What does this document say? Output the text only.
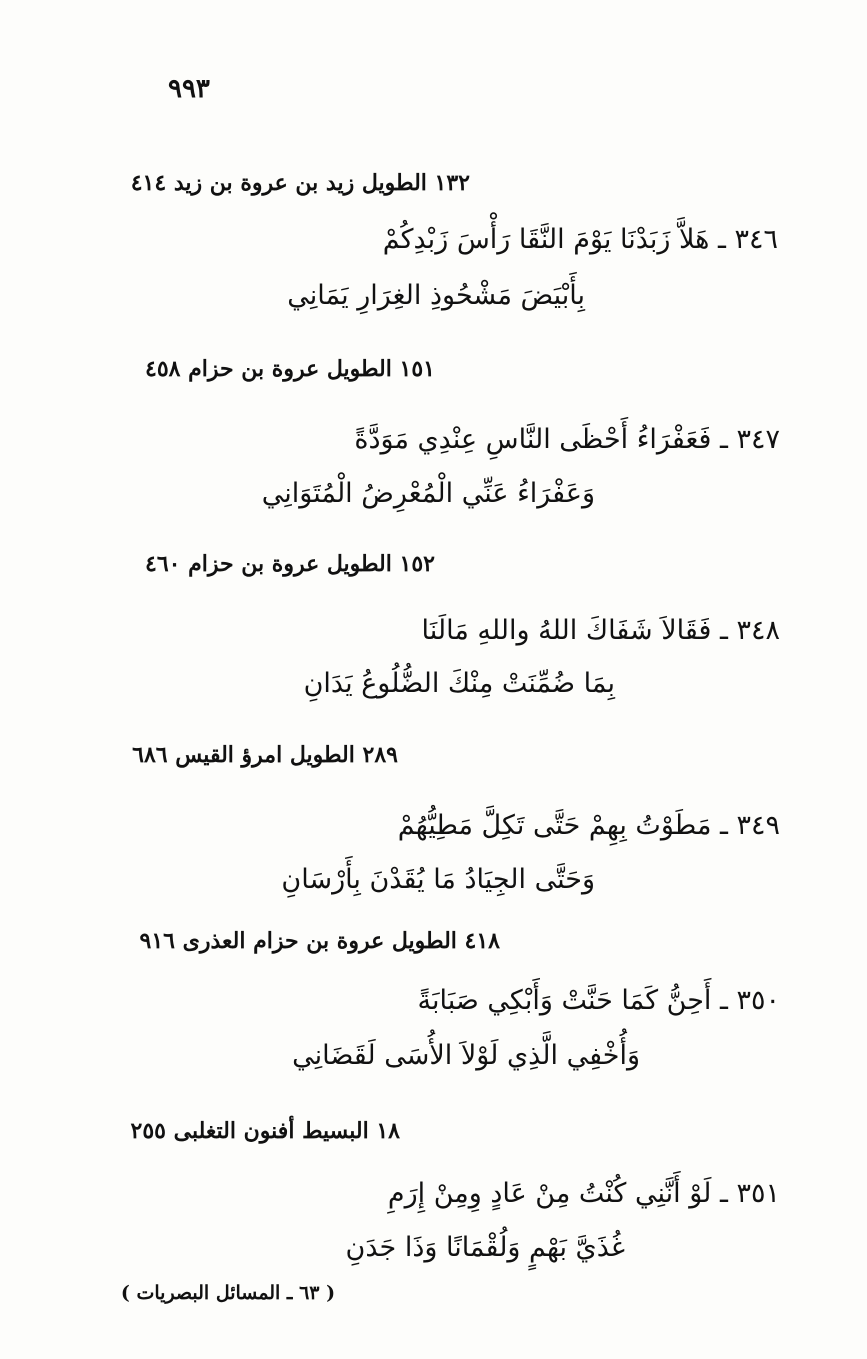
٩٩٣
١٣٢ الطويل زيد بن عروة بن زيد ٤١٤
٣٤٦ ـ هَلاَّ زَبَدْنَا يَوْمَ النَّقَا رَأْسَ زَبْدِكُمْ
بِأَبْيَضَ مَشْحُوذِ الغِرَارِ يَمَانِي
١٥١ الطويل عروة بن حزام ٤٥٨
٣٤٧ ـ فَعَفْرَاءُ أَحْظَى النَّاسِ عِنْدِي مَوَدَّةً
وَعَفْرَاءُ عَنِّي الْمُعْرِضُ الْمُتَوَانِي
١٥٢ الطويل عروة بن حزام ٤٦٠
٣٤٨ ـ فَقَالاَ شَفَاكَ اللهُ واللهِ مَالَنَا
بِمَا ضُمِّنَتْ مِنْكَ الضُّلُوعُ يَدَانِ
٢٨٩ الطويل امرؤ القيس ٦٨٦
٣٤٩ ـ مَطَوْتُ بِهِمْ حَتَّى تَكِلَّ مَطِيُّهُمْ
وَحَتَّى الجِيَادُ مَا يُقَدْنَ بِأَرْسَانِ
٤١٨ الطويل عروة بن حزام العذرى ٩١٦
٣٥٠ ـ أَحِنُّ كَمَا حَنَّتْ وَأَبْكِي صَبَابَةً
وَأُخْفِي الَّذِي لَوْلاَ الأُسَى لَقَضَانِي
١٨ البسيط أفنون التغلبى ٢٥٥
٣٥١ ـ لَوْ أَنَّنِي كُنْتُ مِنْ عَادٍ وِمِنْ إِرَمِ
غُذَيَّ بَهْمٍ وَلُقْمَانًا وَذَا جَدَنِ
( ٦٣ ـ المسائل البصريات )
